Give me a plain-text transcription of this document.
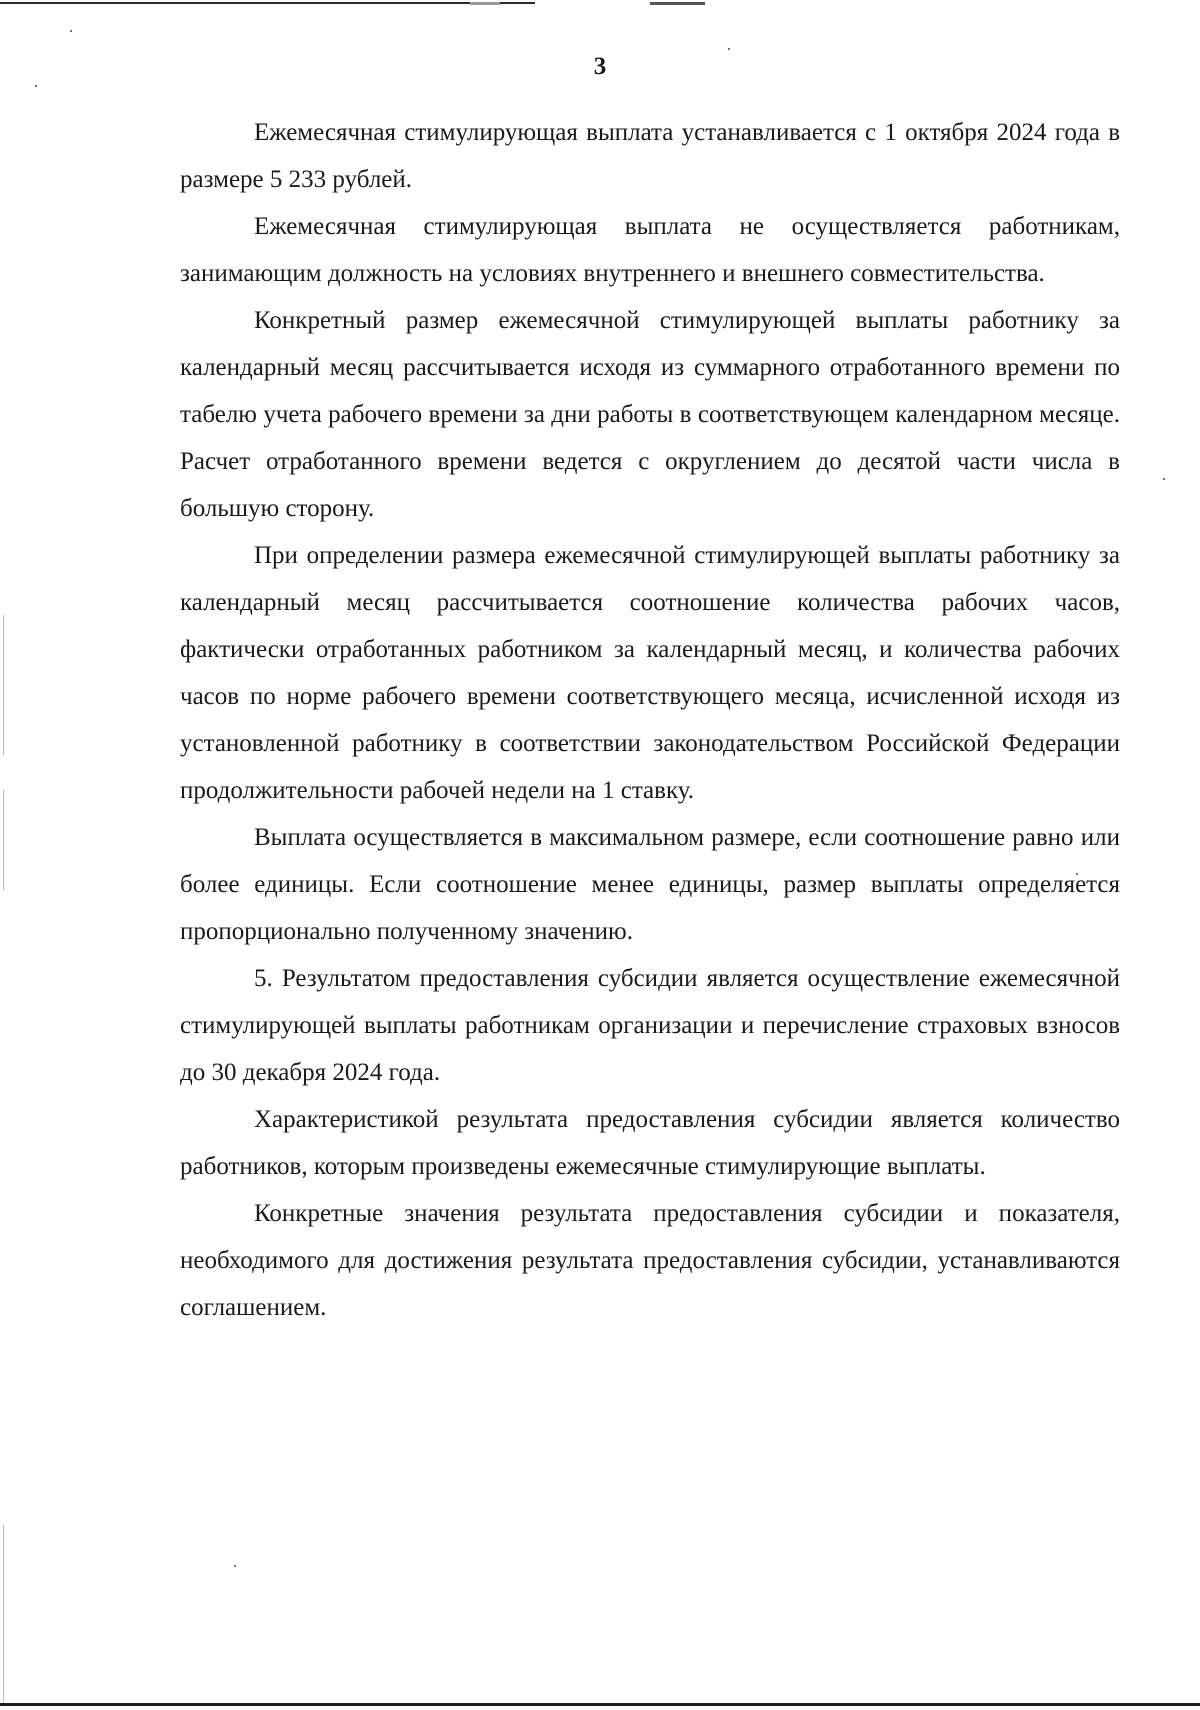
3

Ежемесячная стимулирующая выплата устанавливается с 1 октября 2024 года в размере 5 233 рублей.

Ежемесячная стимулирующая выплата не осуществляется работникам, занимающим должность на условиях внутреннего и внешнего совместительства.

Конкретный размер ежемесячной стимулирующей выплаты работнику за календарный месяц рассчитывается исходя из суммарного отработанного времени по табелю учета рабочего времени за дни работы в соответствующем календарном месяце. Расчет отработанного времени ведется с округлением до десятой части числа в большую сторону.

При определении размера ежемесячной стимулирующей выплаты работнику за календарный месяц рассчитывается соотношение количества рабочих часов, фактически отработанных работником за календарный месяц, и количества рабочих часов по норме рабочего времени соответствующего месяца, исчисленной исходя из установленной работнику в соответствии законодательством Российской Федерации продолжительности рабочей недели на 1 ставку.

Выплата осуществляется в максимальном размере, если соотношение равно или более единицы. Если соотношение менее единицы, размер выплаты определяется пропорционально полученному значению.

5. Результатом предоставления субсидии является осуществление ежемесячной стимулирующей выплаты работникам организации и перечисление страховых взносов до 30 декабря 2024 года.

Характеристикой результата предоставления субсидии является количество работников, которым произведены ежемесячные стимулирующие выплаты.

Конкретные значения результата предоставления субсидии и показателя, необходимого для достижения результата предоставления субсидии, устанавливаются соглашением.
